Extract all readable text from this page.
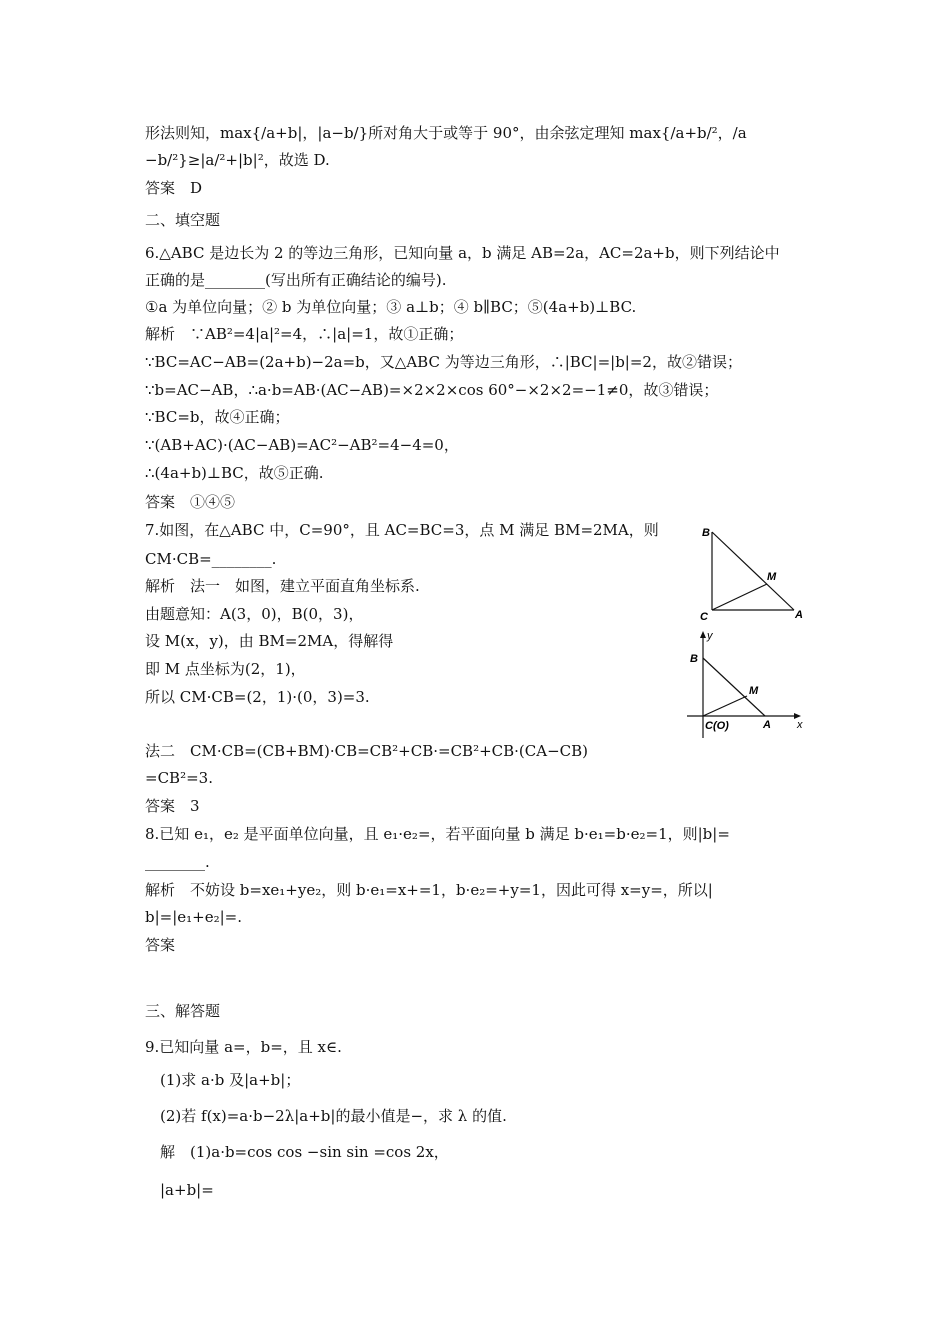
形法则知，max{/a+b|，|a−b/}所对角大于或等于 90°，由余弦定理知 max{/a+b/²，/a
−b/²}≥|a/²+|b|²，故选 D.
答案　D
二、填空题
6.△ABC 是边长为 2 的等边三角形，已知向量 a，b 满足 AB=2a，AC=2a+b，则下列结论中
正确的是________(写出所有正确结论的编号).
①a 为单位向量；② b 为单位向量；③ a⊥b；④ b∥BC；⑤(4a+b)⊥BC.
解析　∵AB²=4|a|²=4，∴|a|=1，故①正确；
∵BC=AC−AB=(2a+b)−2a=b，又△ABC 为等边三角形，∴|BC|=|b|=2，故②错误；
∵b=AC−AB，∴a·b=AB·(AC−AB)=×2×2×cos 60°−×2×2=−1≠0，故③错误；
∵BC=b，故④正确；
∵(AB+AC)·(AC−AB)=AC²−AB²=4−4=0，
∴(4a+b)⊥BC，故⑤正确.
答案　①④⑤
7.如图，在△ABC 中，C=90°，且 AC=BC=3，点 M 满足 BM=2MA，则
CM·CB=________.
解析　法一　如图，建立平面直角坐标系.
由题意知：A(3，0)，B(0，3)，
设 M(x，y)，由 BM=2MA，得解得
即 M 点坐标为(2，1)，
所以 CM·CB=(2，1)·(0，3)=3.
法二　CM·CB=(CB+BM)·CB=CB²+CB·=CB²+CB·(CA−CB)
=CB²=3.
答案　3
8.已知 e₁，e₂ 是平面单位向量，且 e₁·e₂=，若平面向量 b 满足 b·e₁=b·e₂=1，则|b|=
________.
解析　不妨设 b=xe₁+ye₂，则 b·e₁=x+=1，b·e₂=+y=1，因此可得 x=y=，所以|
b|=|e₁+e₂|=.
答案
三、解答题
9.已知向量 a=，b=，且 x∈.
(1)求 a·b 及|a+b|；
(2)若 f(x)=a·b−2λ|a+b|的最小值是−，求 λ 的值.
解　(1)a·b=cos cos −sin sin =cos 2x，
|a+b|=
B
M
C	A
y
B
M
C(O)	A x
